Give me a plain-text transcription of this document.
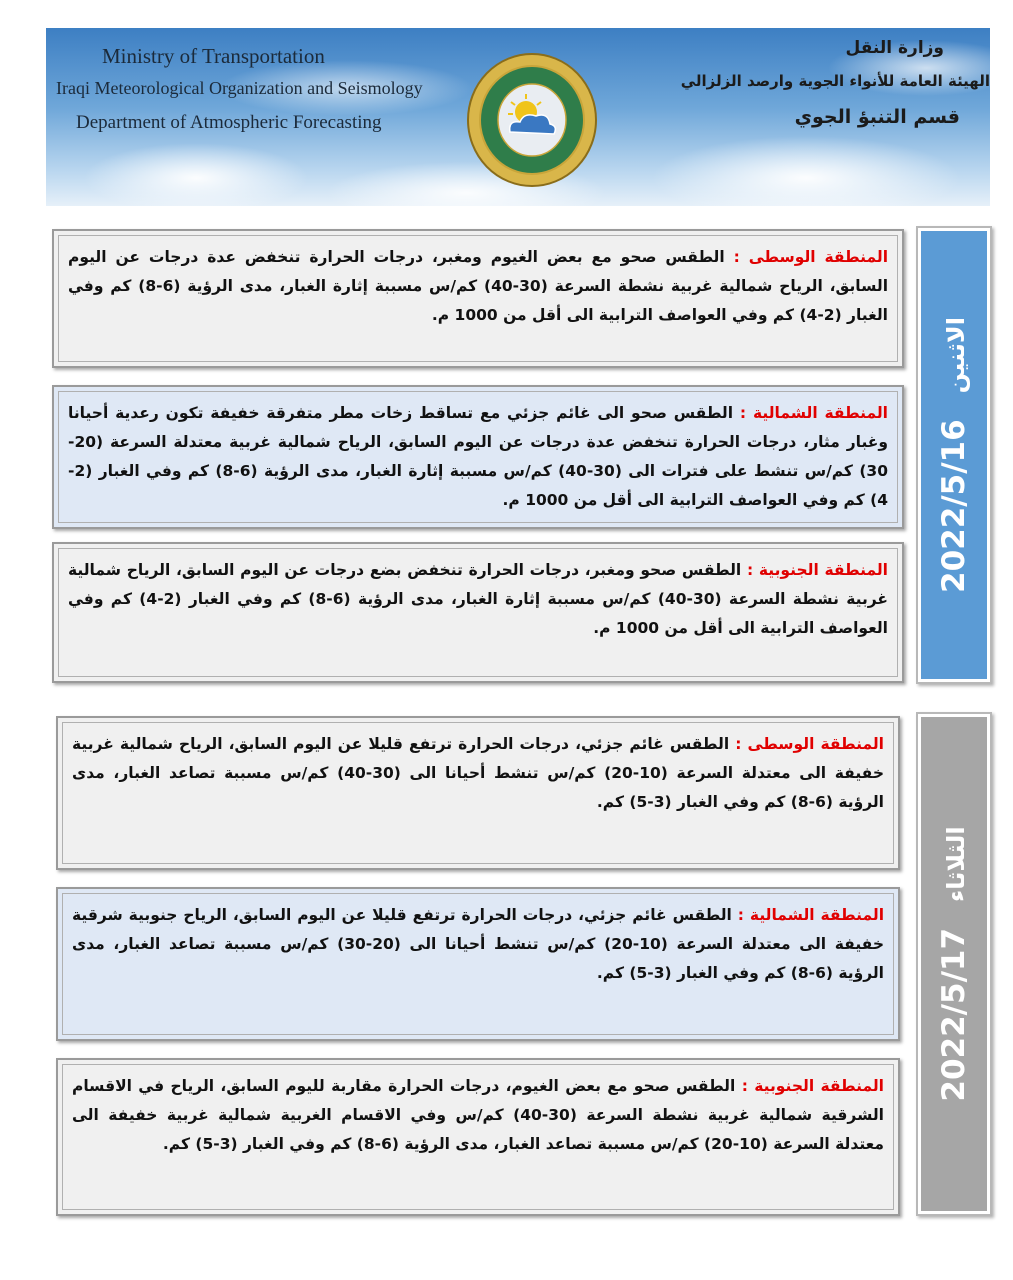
Ministry of Transportation
Iraqi Meteorological Organization and Seismology
Department of Atmospheric Forecasting
وزارة النقل
الهيئة العامة للأنواء الجوية وارصد الزلزالي
قسم التنبؤ الجوي

المنطقة الوسطى : الطقس صحو مع بعض الغيوم ومغبر، درجات الحرارة تنخفض عدة درجات عن اليوم السابق، الرياح شمالية غربية نشطة السرعة (30-40) كم/س مسببة إثارة الغبار، مدى الرؤية (6-8) كم وفي الغبار (2-4) كم وفي العواصف الترابية الى أقل من 1000 م.

المنطقة الشمالية : الطقس صحو الى غائم جزئي مع تساقط زخات مطر متفرقة خفيفة تكون رعدية أحيانا وغبار مثار، درجات الحرارة تنخفض عدة درجات عن اليوم السابق، الرياح شمالية غربية معتدلة السرعة (20-30) كم/س تنشط على فترات الى (30-40) كم/س مسببة إثارة الغبار، مدى الرؤية (6-8) كم وفي الغبار (2-4) كم وفي العواصف الترابية الى أقل من 1000 م.

المنطقة الجنوبية : الطقس صحو ومغبر، درجات الحرارة تنخفض بضع درجات عن اليوم السابق، الرياح شمالية غربية نشطة السرعة (30-40) كم/س مسببة إثارة الغبار، مدى الرؤية (6-8) كم وفي الغبار (2-4) كم وفي العواصف الترابية الى أقل من 1000 م.

2022/5/16
الاثنين

المنطقة الوسطى : الطقس غائم جزئي، درجات الحرارة ترتفع قليلا عن اليوم السابق، الرياح شمالية غربية خفيفة الى معتدلة السرعة (10-20) كم/س تنشط أحيانا الى (30-40) كم/س مسببة تصاعد الغبار، مدى الرؤية (6-8) كم وفي الغبار (3-5) كم.

المنطقة الشمالية : الطقس غائم جزئي، درجات الحرارة ترتفع قليلا عن اليوم السابق، الرياح جنوبية شرقية خفيفة الى معتدلة السرعة (10-20) كم/س تنشط أحيانا الى (20-30) كم/س مسببة تصاعد الغبار، مدى الرؤية (6-8) كم وفي الغبار (3-5) كم.

المنطقة الجنوبية : الطقس صحو مع بعض الغيوم، درجات الحرارة مقاربة لليوم السابق، الرياح في الاقسام الشرقية شمالية غربية نشطة السرعة (30-40) كم/س وفي الاقسام الغربية شمالية غربية خفيفة الى معتدلة السرعة (10-20) كم/س مسببة تصاعد الغبار، مدى الرؤية (6-8) كم وفي الغبار (3-5) كم.

2022/5/17
الثلاثاء
